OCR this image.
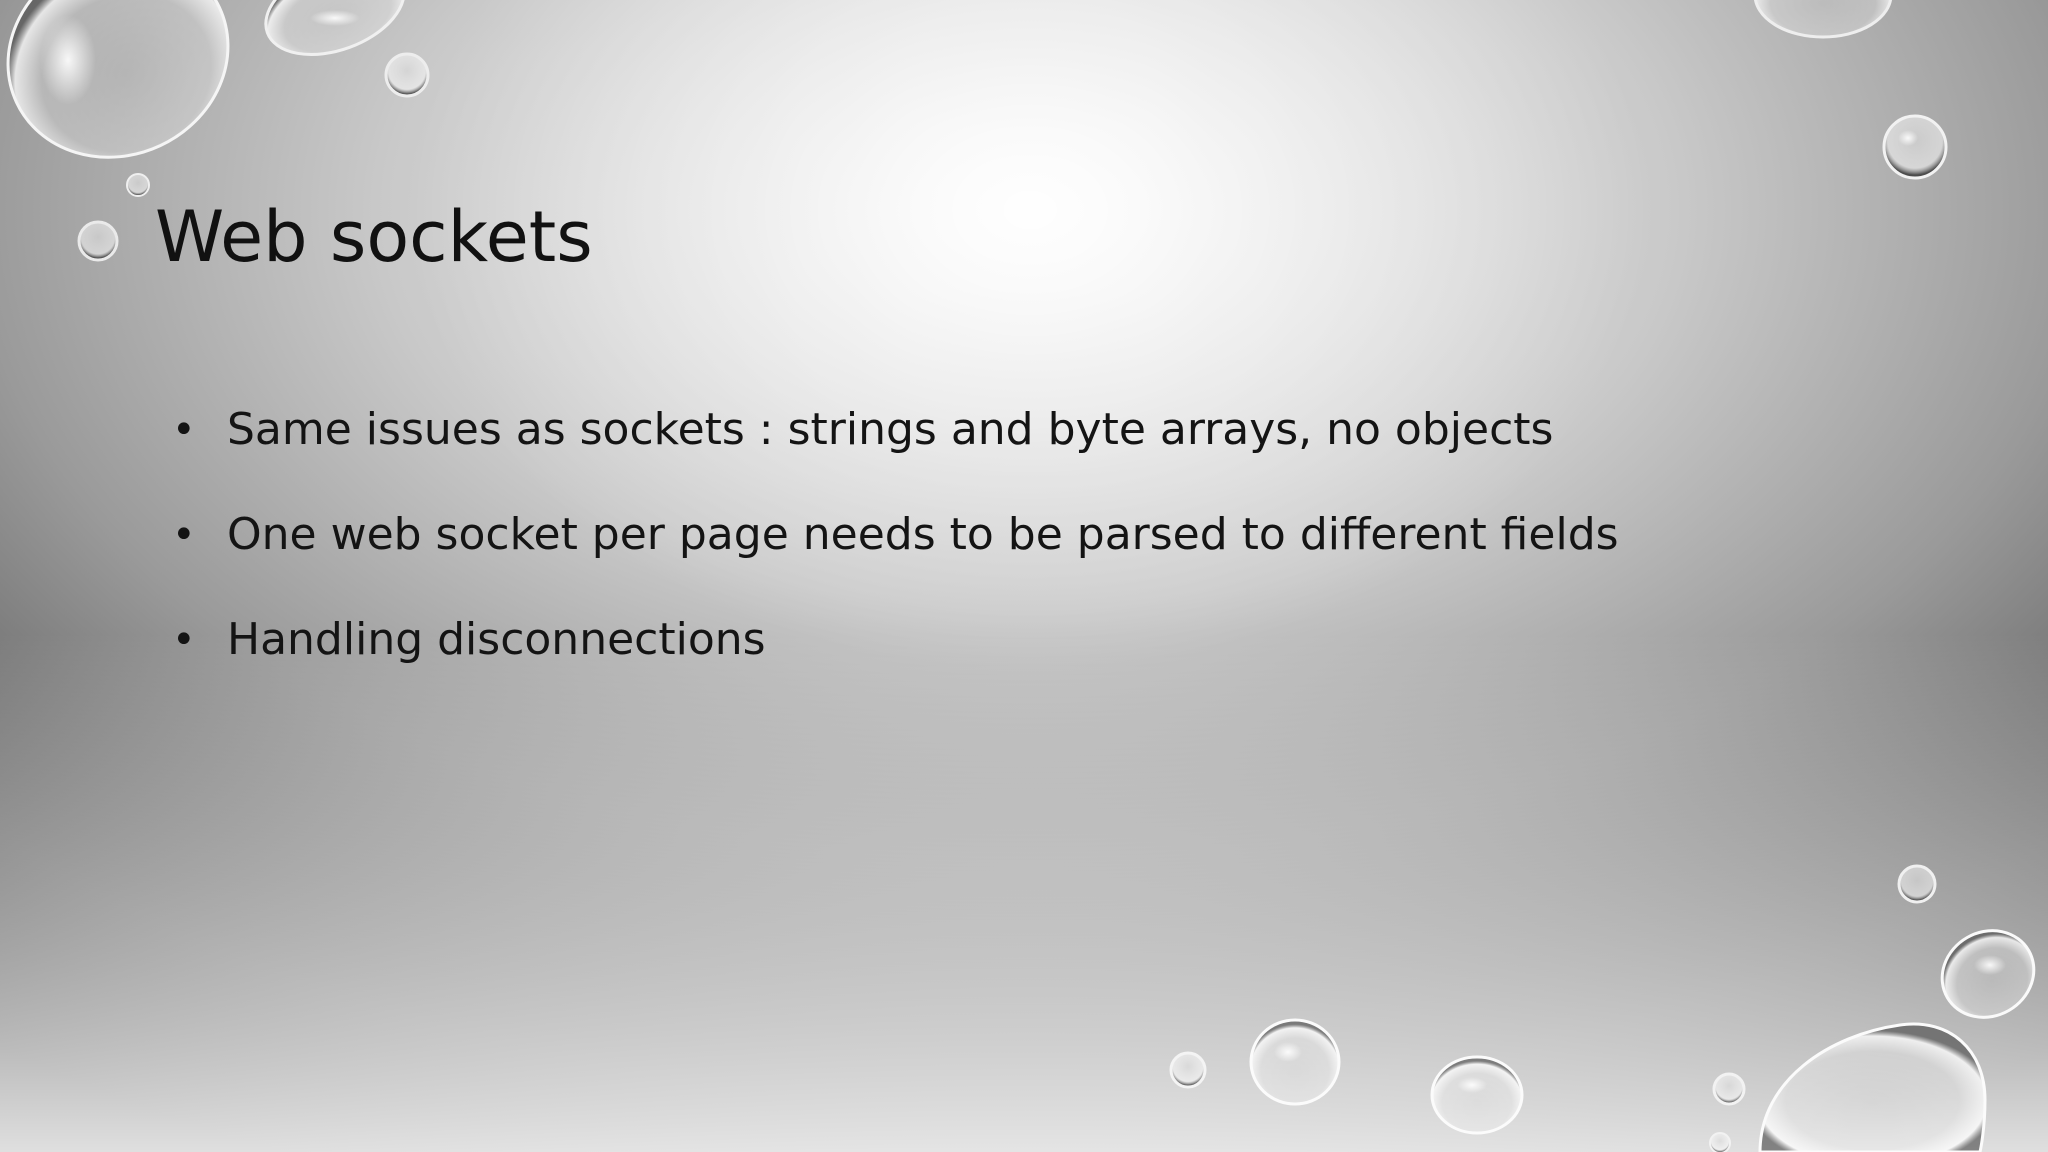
Web sockets
• Same issues as sockets : strings and byte arrays, no objects
• One web socket per page needs to be parsed to different fields
• Handling disconnections
